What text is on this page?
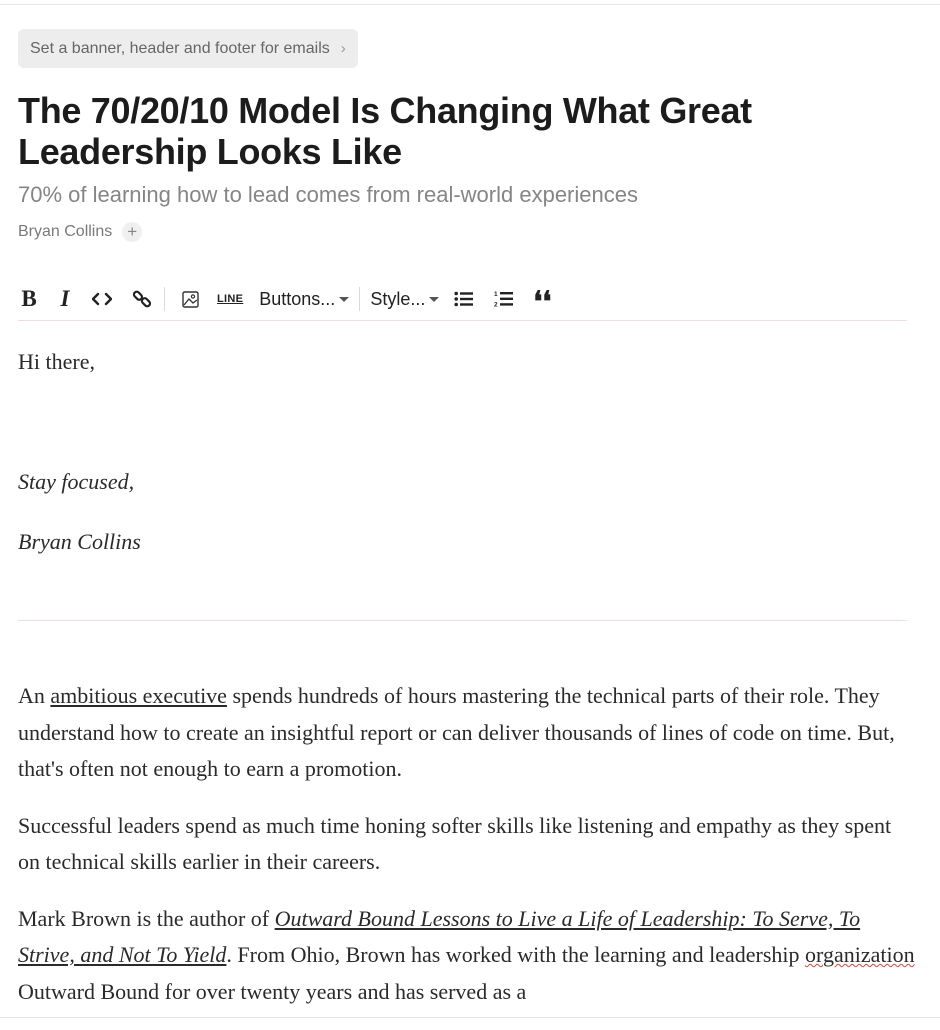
Set a banner, header and footer for emails ›
The 70/20/10 Model Is Changing What Great Leadership Looks Like

70% of learning how to lead comes from real-world experiences

Bryan Collins +
B I	LINE Buttons... Style...	1
2 ❛❛
Hi there,
Stay focused,
Bryan Collins

An ambitious executive spends hundreds of hours mastering the technical parts of their role. They understand how to create an insightful report or can deliver thousands of lines of code on time. But, that's often not enough to earn a promotion.

Successful leaders spend as much time honing softer skills like listening and empathy as they spent on technical skills earlier in their careers.

Mark Brown is the author of Outward Bound Lessons to Live a Life of Leadership: To Serve, To Strive, and Not To Yield. From Ohio, Brown has worked with the learning and leadership organization Outward Bound for over twenty years and has served as a
